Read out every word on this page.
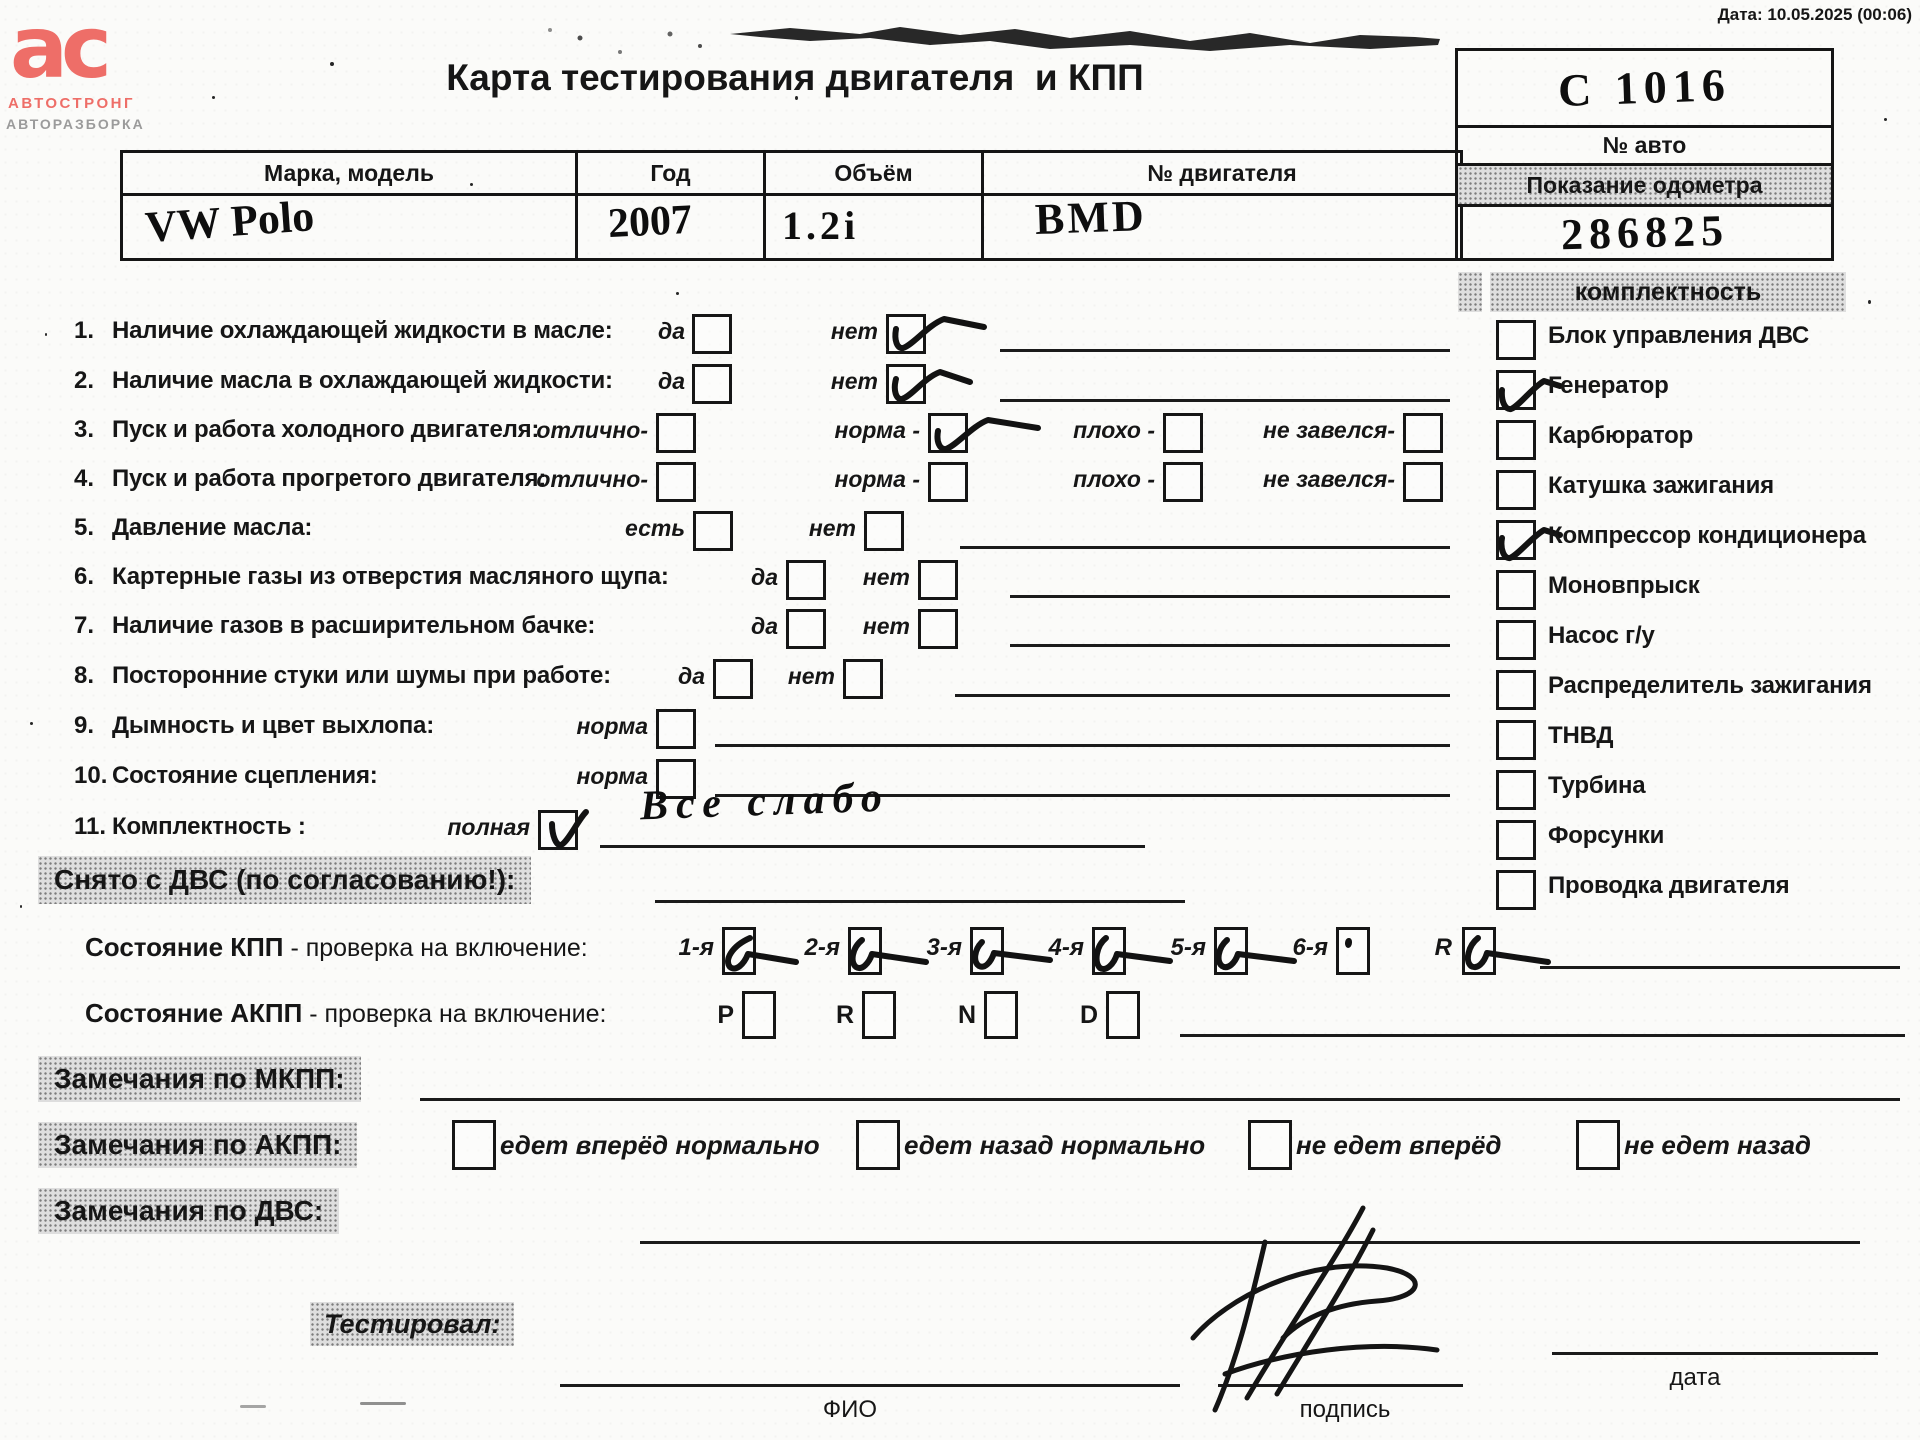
ac
АВТОСТРОНГ
АВТОРАЗБОРКА
Дата: 10.05.2025 (00:06)
Карта тестирования двигателя  и КПП
Марка, модель	Год	Объём	№ двигателя
VW Polo	2007 1.2i	BMD
C 1016
№ авто
Показание одометра
286825
1. Наличие охлаждающей жидкости в масле: да	нет
2. Наличие масла в охлаждающей жидкости: да	нет
3. Пуск и работа холодного двигателя:
отлично-	норма -	плохо -	не завелся-
4. Пуск и работа прогретого двигателя:
отлично-	норма -	плохо -	не завелся-
5. Давление масла:	есть	нет
6. Картерные газы из отверстия масляного щупа:	да	нет
7. Наличие газов в расширительном бачке:	да	нет
8. Посторонние стуки или шумы при работе:	да	нет
9. Дымность и цвет выхлопа:	норма
10. Состояние сцепления:	норма
11. Комплектность :	полная	Все слабо
Снято с ДВС (по согласованию!):
Состояние КПП - проверка на включение:	1-я	2-я	3-я	4-я	5-я	6-я	R
Состояние АКПП - проверка на включение:	P	R	N	D
Замечания по МКПП:
Замечания по АКПП:	едет вперёд нормально	едет назад нормально	не едет вперёд	не едет назад
Замечания по ДВС:
комплектность
Блок управления ДВС
Генератор
Карбюратор
Катушка зажигания
Компрессор кондиционера
Моновпрыск
Насос г/у
Распределитель зажигания
ТНВД
Турбина
Форсунки
Проводка двигателя
Тестировал:
ФИО	подпись
дата
